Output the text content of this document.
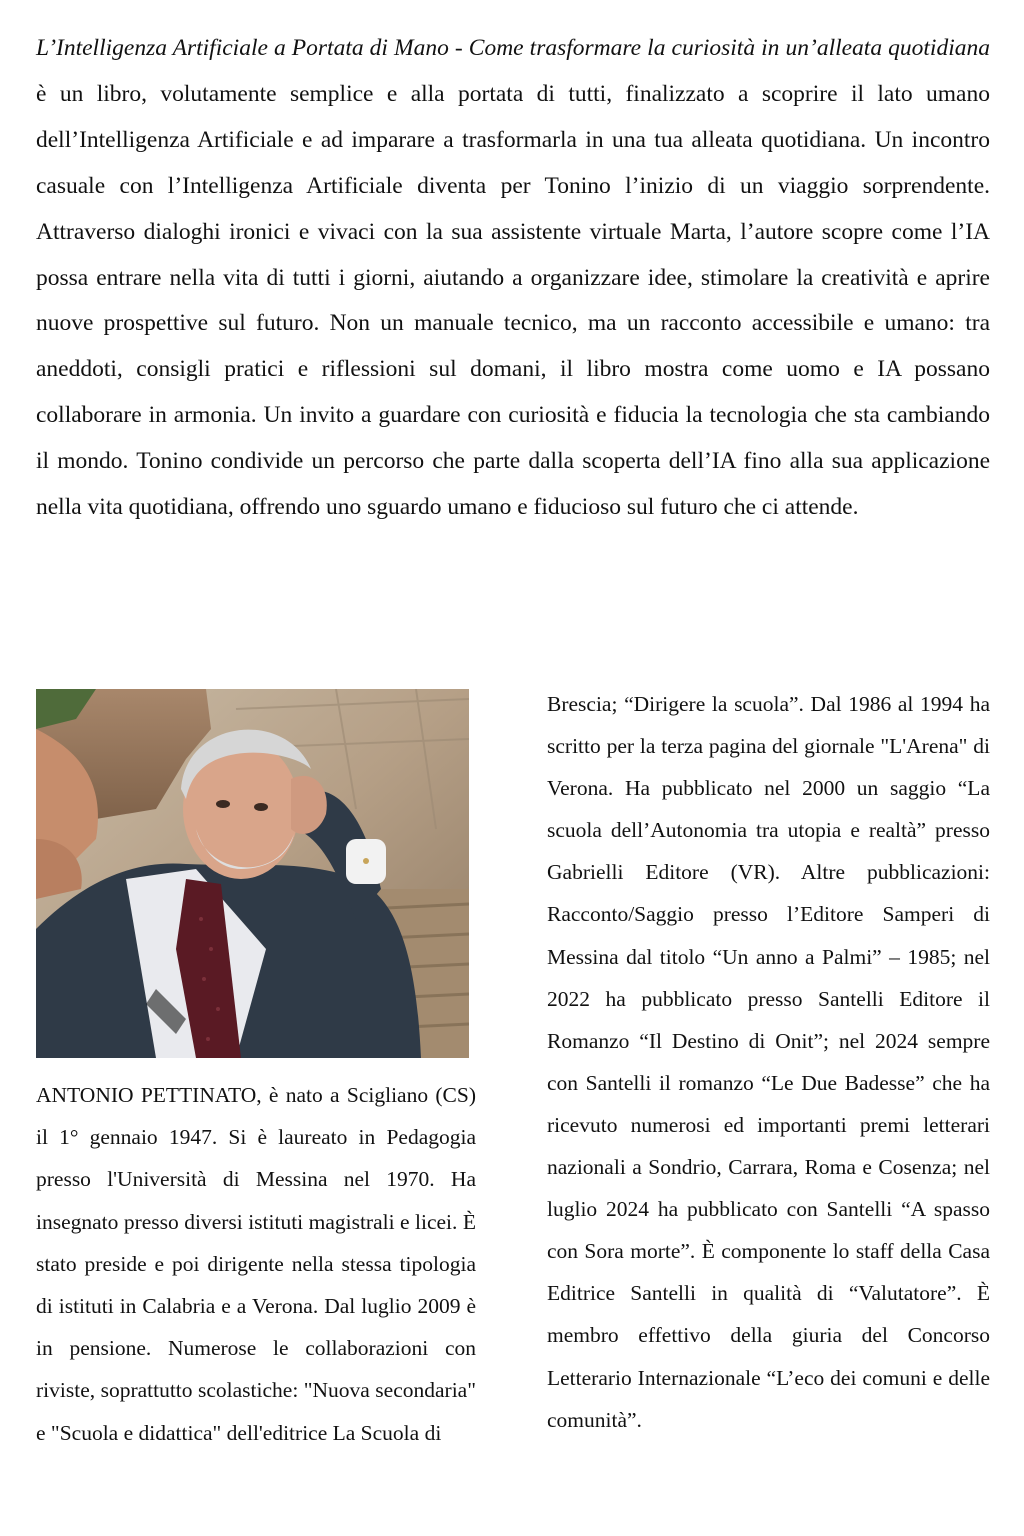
L’Intelligenza Artificiale a Portata di Mano - Come trasformare la curiosità in un’alleata quotidiana è un libro, volutamente semplice e alla portata di tutti, finalizzato a scoprire il lato umano dell’Intelligenza Artificiale e ad imparare a trasformarla in una tua alleata quotidiana. Un incontro casuale con l’Intelligenza Artificiale diventa per Tonino l’inizio di un viaggio sorprendente. Attraverso dialoghi ironici e vivaci con la sua assistente virtuale Marta, l’autore scopre come l’IA possa entrare nella vita di tutti i giorni, aiutando a organizzare idee, stimolare la creatività e aprire nuove prospettive sul futuro. Non un manuale tecnico, ma un racconto accessibile e umano: tra aneddoti, consigli pratici e riflessioni sul domani, il libro mostra come uomo e IA possano collaborare in armonia. Un invito a guardare con curiosità e fiducia la tecnologia che sta cambiando il mondo. Tonino condivide un percorso che parte dalla scoperta dell’IA fino alla sua applicazione nella vita quotidiana, offrendo uno sguardo umano e fiducioso sul futuro che ci attende.

ANTONIO PETTINATO, è nato a Scigliano (CS) il 1° gennaio 1947. Si è laureato in Pedagogia presso l'Università di Messina nel 1970. Ha insegnato presso diversi istituti magistrali e licei. È stato preside e poi dirigente nella stessa tipologia di istituti in Calabria e a Verona. Dal luglio 2009 è in pensione. Numerose le collaborazioni con riviste, soprattutto scolastiche: "Nuova secondaria" e "Scuola e didattica" dell'editrice La Scuola di

Brescia; “Dirigere la scuola”. Dal 1986 al 1994 ha scritto per la terza pagina del giornale "L'Arena" di Verona. Ha pubblicato nel 2000 un saggio “La scuola dell’Autonomia tra utopia e realtà” presso Gabrielli Editore (VR). Altre pubblicazioni: Racconto/Saggio presso l’Editore Samperi di Messina dal titolo “Un anno a Palmi” – 1985; nel 2022 ha pubblicato presso Santelli Editore il Romanzo “Il Destino di Onit”; nel 2024 sempre con Santelli il romanzo “Le Due Badesse” che ha ricevuto numerosi ed importanti premi letterari nazionali a Sondrio, Carrara, Roma e Cosenza; nel luglio 2024 ha pubblicato con Santelli “A spasso con Sora morte”. È componente lo staff della Casa Editrice Santelli in qualità di “Valutatore”. È membro effettivo della giuria del Concorso Letterario Internazionale “L’eco dei comuni e delle comunità”.
